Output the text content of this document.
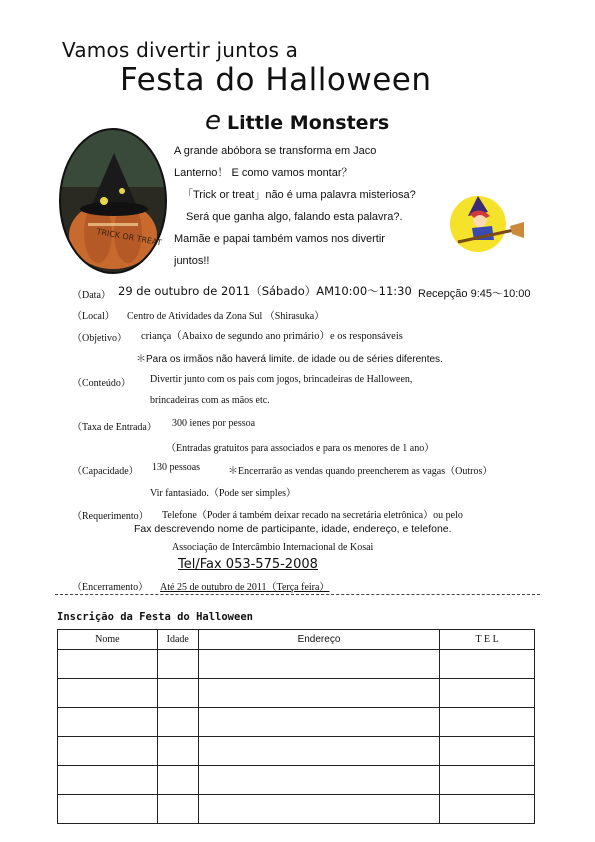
Vamos divertir juntos a
Festa do Halloween
e Little Monsters
TRICK OR TREAT
A grande abóbora se transforma em Jaco
Lanterno！ E como vamos montar？
「Trick or treat」não é uma palavra misteriosa?
Será que ganha algo, falando esta palavra?.
Mamãe e papai também vamos nos divertir
juntos!!
（Data） 29 de outubro de 2011（Sábado）AM10:00～11:30 Recepção 9:45～10:00
（Local） Centro de Atividades da Zona Sul （Shirasuka）
（Objetivo） criança（Abaixo de segundo ano primário）e os responsáveis
＊Para os irmãos não haverá limite. de idade ou de séries diferentes.
（Conteúdo） Divertir junto com os pais com jogos, brincadeiras de Halloween,
brincadeiras com as mãos etc.
（Taxa de Entrada） 300 ienes por pessoa
（Entradas gratuitos para associados e para os menores de 1 ano）
（Capacidade） 130 pessoas	＊Encerrarão as vendas quando preencherem as vagas（Outros）
Vir fantasiado.（Pode ser simples）
（Requerimento） Telefone（Poder á também deixar recado na secretária eletrônica）ou pelo
Fax descrevendo nome de participante, idade, endereço, e telefone.
Associação de Intercâmbio Internacional de Kosai
Tel/Fax 053-575-2008
（Encerramento） Até 25 de outubro de 2011（Terça feira）
Inscrição da Festa do Halloween
Nome	Idade	Endereço	T E L
